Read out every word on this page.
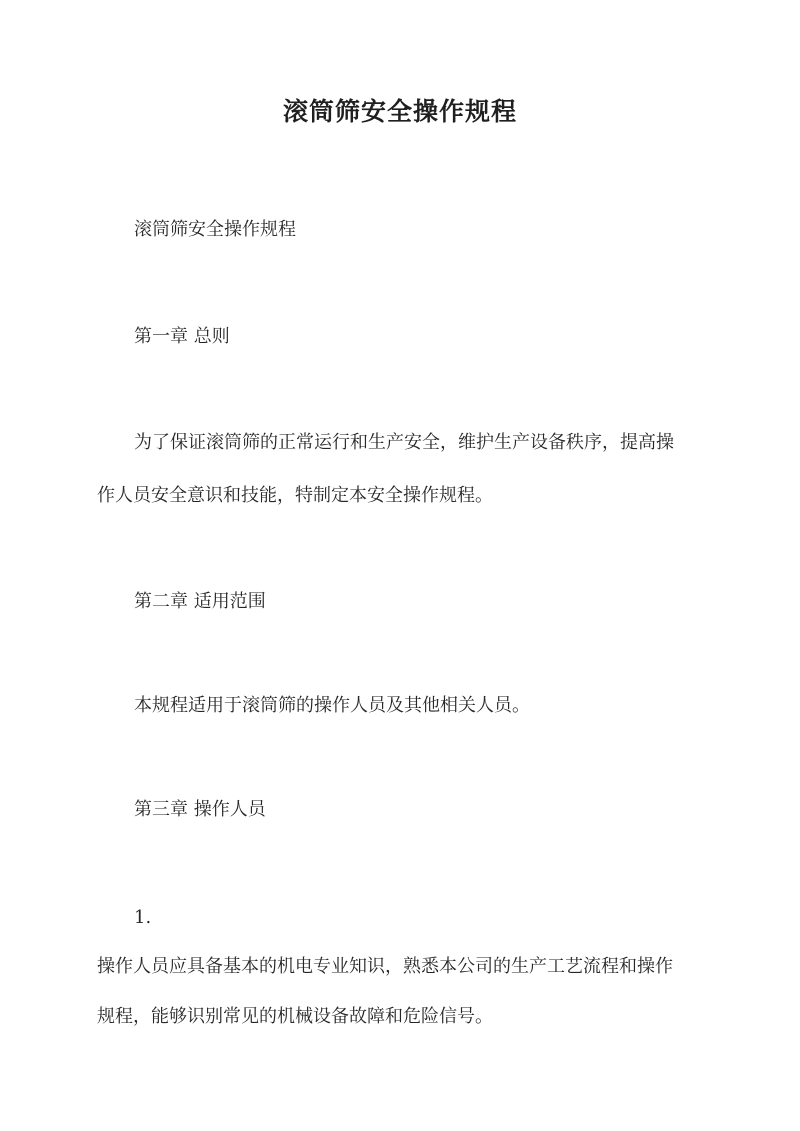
滚筒筛安全操作规程
滚筒筛安全操作规程
第一章 总则
为了保证滚筒筛的正常运行和生产安全，维护生产设备秩序，提高操
作人员安全意识和技能，特制定本安全操作规程。
第二章 适用范围
本规程适用于滚筒筛的操作人员及其他相关人员。
第三章 操作人员
1.
操作人员应具备基本的机电专业知识，熟悉本公司的生产工艺流程和操作
规程，能够识别常见的机械设备故障和危险信号。
